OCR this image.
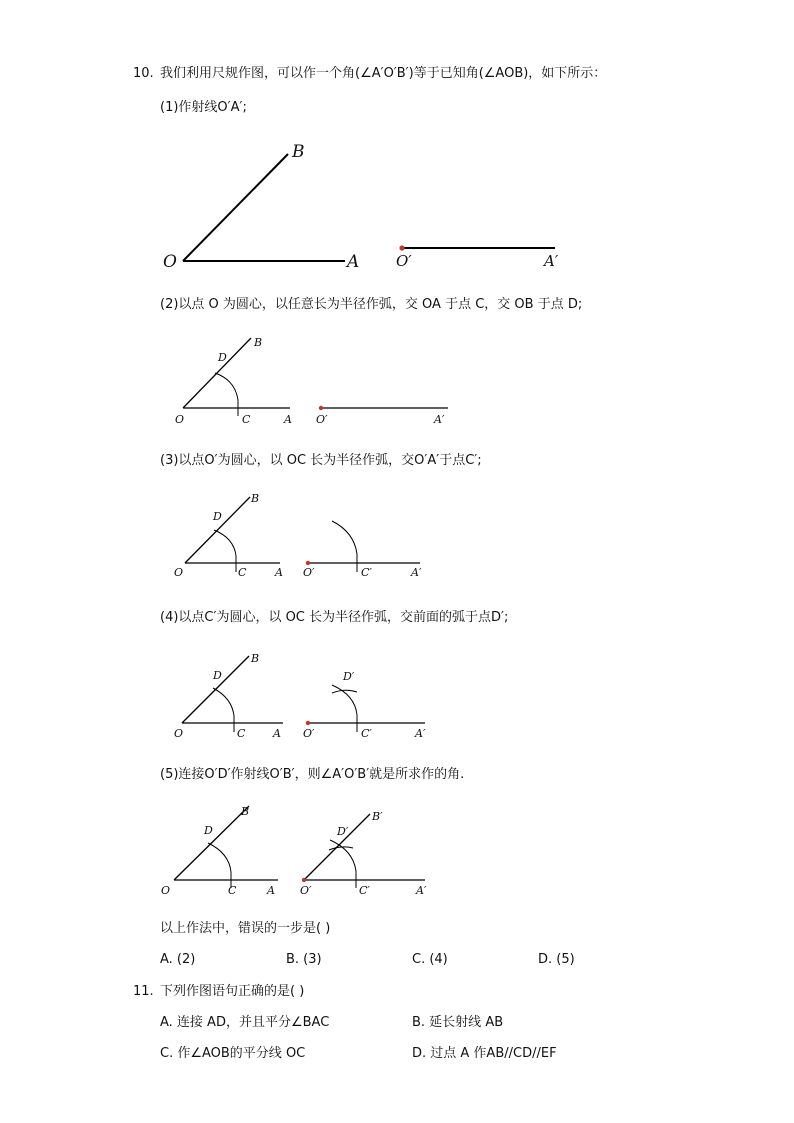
10. 我们利用尺规作图，可以作一个角(∠A′O′B′)等于已知角(∠AOB)，如下所示：
(1)作射线O′A′;
O	A
B
O′	A′
(2)以点 O 为圆心，以任意长为半径作弧，交 OA 于点 C，交 OB 于点 D;
O	C	A
D
B
O′	A′
(3)以点O′为圆心，以 OC 长为半径作弧，交O′A′于点C′;
O	C	A
D
B
O′	C′	A′
(4)以点C′为圆心，以 OC 长为半径作弧，交前面的弧于点D′;
O	C	A
D
B
O′	C′	A′
D′
(5)连接O′D′作射线O′B′，则∠A′O′B′就是所求作的角.
O	C	A
D
B
O′	C′	A′
D′
B′
以上作法中，错误的一步是( )
A. (2)	B. (3)	C. (4)	D. (5)
11. 下列作图语句正确的是( )
A. 连接 AD，并且平分∠BAC	B. 延长射线 AB
C. 作∠AOB的平分线 OC	D. 过点 A 作AB//CD//EF
